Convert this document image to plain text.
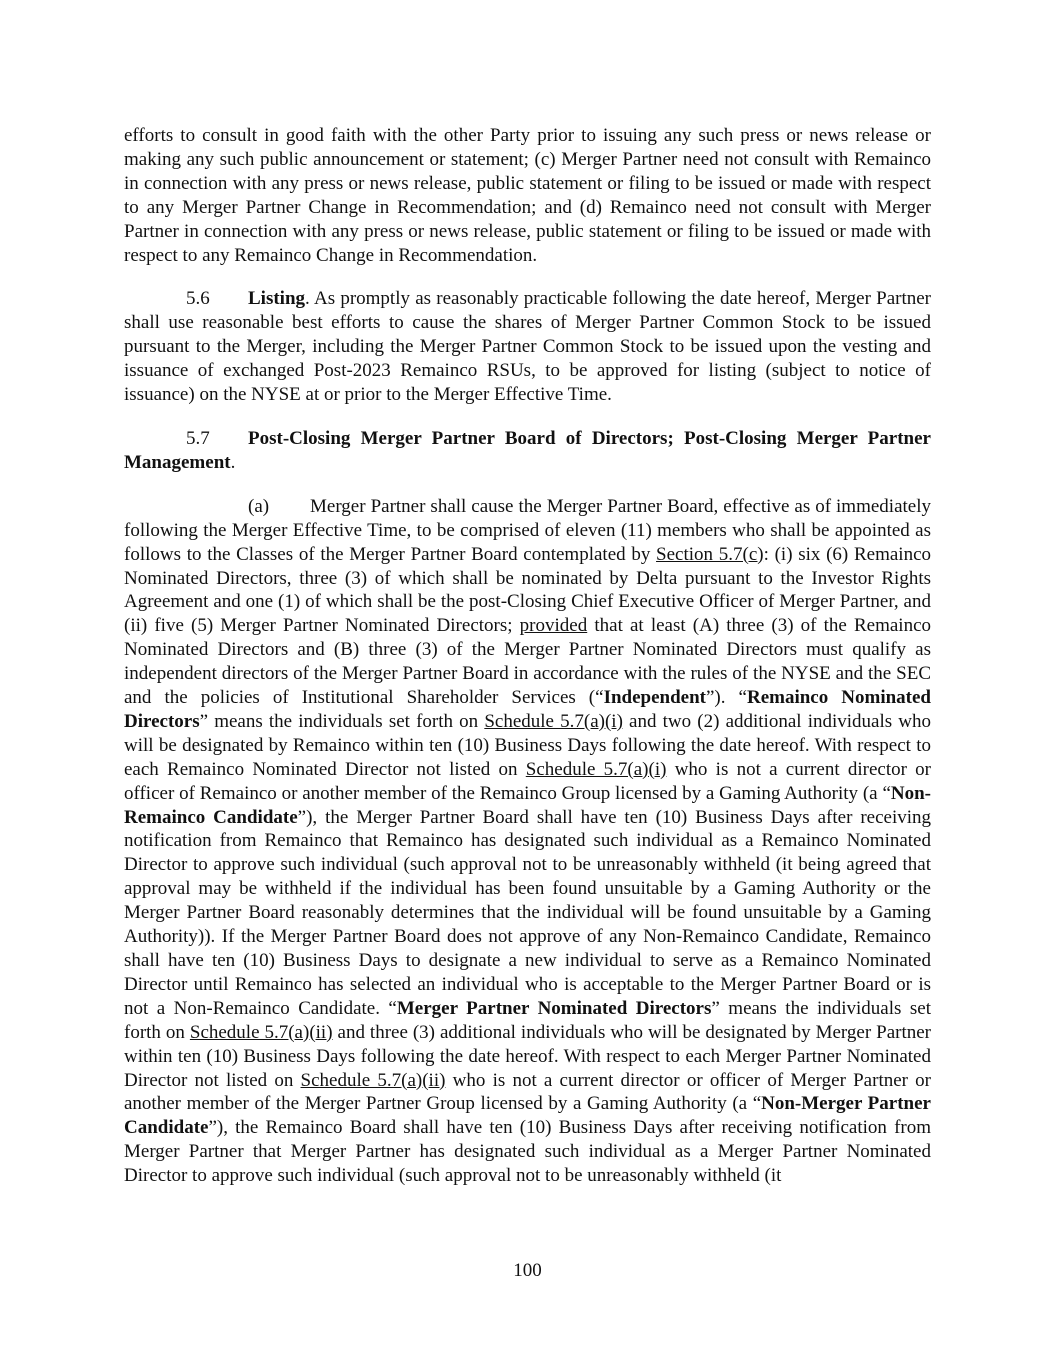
efforts to consult in good faith with the other Party prior to issuing any such press or news release or making any such public announcement or statement; (c) Merger Partner need not consult with Remainco in connection with any press or news release, public statement or filing to be issued or made with respect to any Merger Partner Change in Recommendation; and (d) Remainco need not consult with Merger Partner in connection with any press or news release, public statement or filing to be issued or made with respect to any Remainco Change in Recommendation.

5.6 Listing. As promptly as reasonably practicable following the date hereof, Merger Partner shall use reasonable best efforts to cause the shares of Merger Partner Common Stock to be issued pursuant to the Merger, including the Merger Partner Common Stock to be issued upon the vesting and issuance of exchanged Post-2023 Remainco RSUs, to be approved for listing (subject to notice of issuance) on the NYSE at or prior to the Merger Effective Time.

5.7 Post-Closing Merger Partner Board of Directors; Post-Closing Merger Partner Management.

(a) Merger Partner shall cause the Merger Partner Board, effective as of immediately following the Merger Effective Time, to be comprised of eleven (11) members who shall be appointed as follows to the Classes of the Merger Partner Board contemplated by Section 5.7(c): (i) six (6) Remainco Nominated Directors, three (3) of which shall be nominated by Delta pursuant to the Investor Rights Agreement and one (1) of which shall be the post-Closing Chief Executive Officer of Merger Partner, and (ii) five (5) Merger Partner Nominated Directors; provided that at least (A) three (3) of the Remainco Nominated Directors and (B) three (3) of the Merger Partner Nominated Directors must qualify as independent directors of the Merger Partner Board in accordance with the rules of the NYSE and the SEC and the policies of Institutional Shareholder Services (“Independent”). “Remainco Nominated Directors” means the individuals set forth on Schedule 5.7(a)(i) and two (2) additional individuals who will be designated by Remainco within ten (10) Business Days following the date hereof. With respect to each Remainco Nominated Director not listed on Schedule 5.7(a)(i) who is not a current director or officer of Remainco or another member of the Remainco Group licensed by a Gaming Authority (a “Non-Remainco Candidate”), the Merger Partner Board shall have ten (10) Business Days after receiving notification from Remainco that Remainco has designated such individual as a Remainco Nominated Director to approve such individual (such approval not to be unreasonably withheld (it being agreed that approval may be withheld if the individual has been found unsuitable by a Gaming Authority or the Merger Partner Board reasonably determines that the individual will be found unsuitable by a Gaming Authority)). If the Merger Partner Board does not approve of any Non-Remainco Candidate, Remainco shall have ten (10) Business Days to designate a new individual to serve as a Remainco Nominated Director until Remainco has selected an individual who is acceptable to the Merger Partner Board or is not a Non-Remainco Candidate. “Merger Partner Nominated Directors” means the individuals set forth on Schedule 5.7(a)(ii) and three (3) additional individuals who will be designated by Merger Partner within ten (10) Business Days following the date hereof. With respect to each Merger Partner Nominated Director not listed on Schedule 5.7(a)(ii) who is not a current director or officer of Merger Partner or another member of the Merger Partner Group licensed by a Gaming Authority (a “Non-Merger Partner Candidate”), the Remainco Board shall have ten (10) Business Days after receiving notification from Merger Partner that Merger Partner has designated such individual as a Merger Partner Nominated Director to approve such individual (such approval not to be unreasonably withheld (it

100
